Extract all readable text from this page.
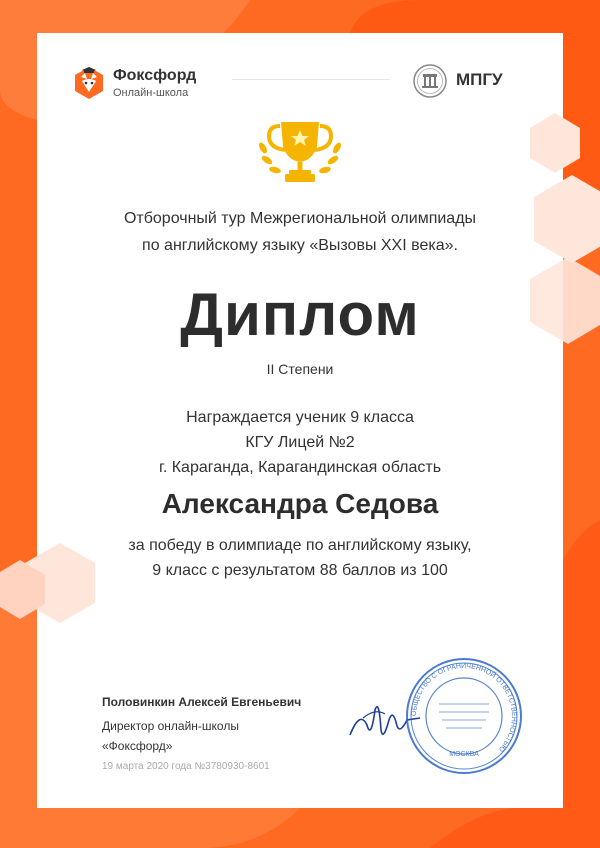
Фоксфорд
Онлайн-школа
МПГУ
Отборочный тур Межрегиональной олимпиады
по английскому языку «Вызовы XXI века».
Диплом
II Степени
Награждается ученик 9 класса
КГУ Лицей №2
г. Караганда, Карагандинская область
Александра Седова
за победу в олимпиаде по английскому языку,
9 класс с результатом 88 баллов из 100
Половинкин Алексей Евгеньевич
Директор онлайн-школы
«Фоксфорд»
19 марта 2020 года №3780930-8601
ОБЩЕСТВО С ОГРАНИЧЕННОЙ ОТВЕТСТВЕННОСТЬЮ
МОСКВА
